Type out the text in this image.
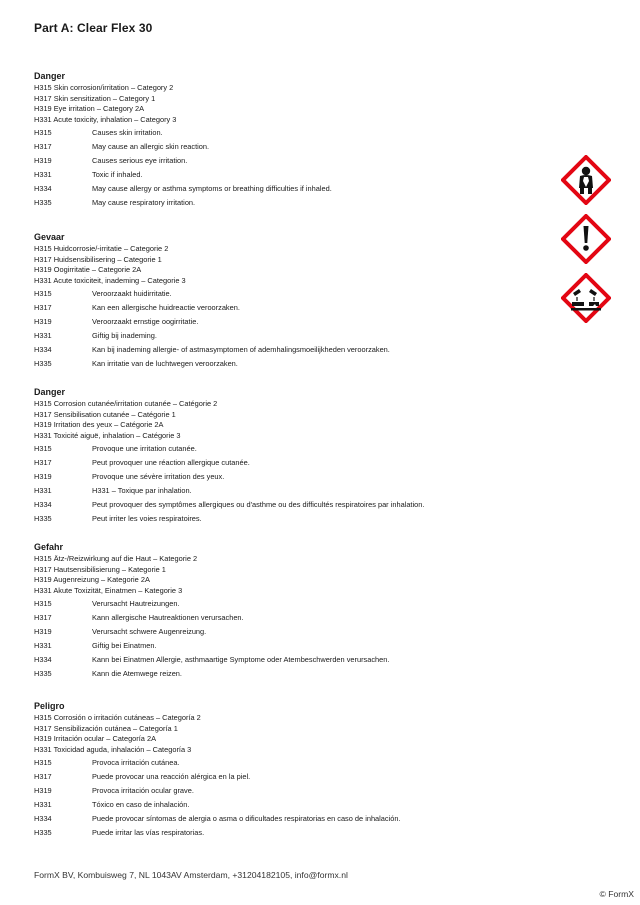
Part A: Clear Flex 30
Danger
H315 Skin corrosion/irritation – Category 2
H317 Skin sensitization – Category 1
H319 Eye irritation – Category 2A
H331 Acute toxicity, inhalation – Category 3
H315	Causes skin irritation.
H317	May cause an allergic skin reaction.
H319	Causes serious eye irritation.
H331	Toxic if inhaled.
H334	May cause allergy or asthma symptoms or breathing difficulties if inhaled.
H335	May cause respiratory irritation.
Gevaar
H315 Huidcorrosie/-irritatie – Categorie 2
H317 Huidsensibilisering – Categorie 1
H319 Oogirritatie – Categorie 2A
H331 Acute toxiciteit, inademing – Categorie 3
H315	Veroorzaakt huidirritatie.
H317	Kan een allergische huidreactie veroorzaken.
H319	Veroorzaakt ernstige oogirritatie.
H331	Giftig bij inademing.
H334	Kan bij inademing allergie- of astmasymptomen of ademhalingsmoeilijkheden veroorzaken.
H335	Kan irritatie van de luchtwegen veroorzaken.
Danger
H315 Corrosion cutanée/irritation cutanée – Catégorie 2
H317 Sensibilisation cutanée – Catégorie 1
H319 Irritation des yeux – Catégorie 2A
H331 Toxicité aiguë, inhalation – Catégorie 3
H315	Provoque une irritation cutanée.
H317	Peut provoquer une réaction allergique cutanée.
H319	Provoque une sévère irritation des yeux.
H331	H331 – Toxique par inhalation.
H334	Peut provoquer des symptômes allergiques ou d'asthme ou des difficultés respiratoires par inhalation.
H335	Peut irriter les voies respiratoires.
Gefahr
H315 Ätz-/Reizwirkung auf die Haut – Kategorie 2
H317 Hautsensibilisierung – Kategorie 1
H319 Augenreizung – Kategorie 2A
H331 Akute Toxizität, Einatmen – Kategorie 3
H315	Verursacht Hautreizungen.
H317	Kann allergische Hautreaktionen verursachen.
H319	Verursacht schwere Augenreizung.
H331	Giftig bei Einatmen.
H334	Kann bei Einatmen Allergie, asthmaartige Symptome oder Atembeschwerden verursachen.
H335	Kann die Atemwege reizen.
Peligro
H315 Corrosión o irritación cutáneas – Categoría 2
H317 Sensibilización cutánea – Categoría 1
H319 Irritación ocular – Categoría 2A
H331 Toxicidad aguda, inhalación – Categoría 3
H315	Provoca irritación cutánea.
H317	Puede provocar una reacción alérgica en la piel.
H319	Provoca irritación ocular grave.
H331	Tóxico en caso de inhalación.
H334	Puede provocar síntomas de alergia o asma o dificultades respiratorias en caso de inhalación.
H335	Puede irritar las vías respiratorias.

FormX BV, Kombuisweg 7, NL 1043AV Amsterdam, +31204182105, info@formx.nl
© FormX
